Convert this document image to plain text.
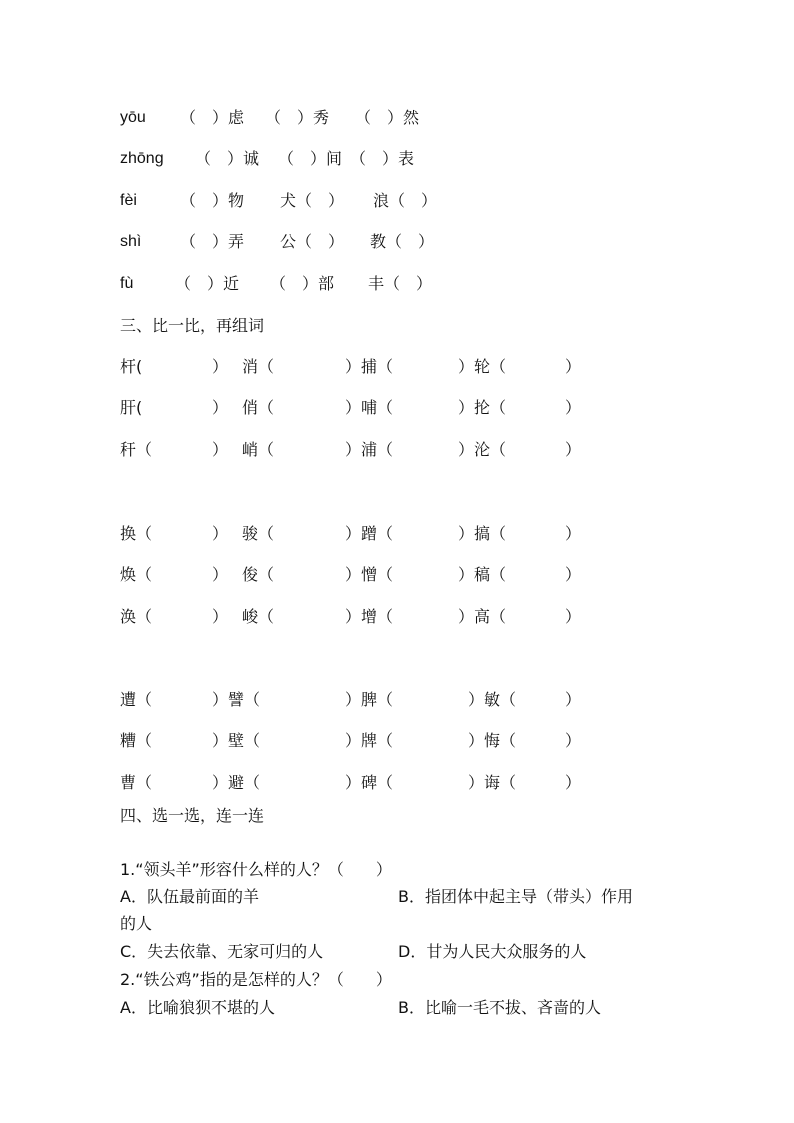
yōu （　）虑 （　）秀 （　）然
zhōng （　）诚 （　）间 （　）表
fèi	（　）物 犬（　） 浪（　）
shì （　）弄 公（　） 教（　）
fù	（　）近 （　）部 丰（　）
三、比一比，再组词
杆(	） 消（	）捕（	）轮（	）
肝(	） 俏（	）哺（	）抡（	）
秆（	） 峭（	）浦（	）沦（	）
换（	） 骏（	）蹭（	）搞（	）
焕（	） 俊（	）憎（	）稿（	）
涣（	） 峻（	）增（	）高（	）
遭（	）譬（	）脾（	）敏（	）
糟（	）壁（	）牌（	）悔（	）
曹（	）避（	）碑（	）诲（	）
四、选一选，连一连
1.“领头羊”形容什么样的人？（　　）
A．队伍最前面的羊	B．指团体中起主导（带头）作用
的人
C．失去依靠、无家可归的人	D．甘为人民大众服务的人
2.“铁公鸡”指的是怎样的人？（　　）
A．比喻狼狈不堪的人	B．比喻一毛不拔、吝啬的人
